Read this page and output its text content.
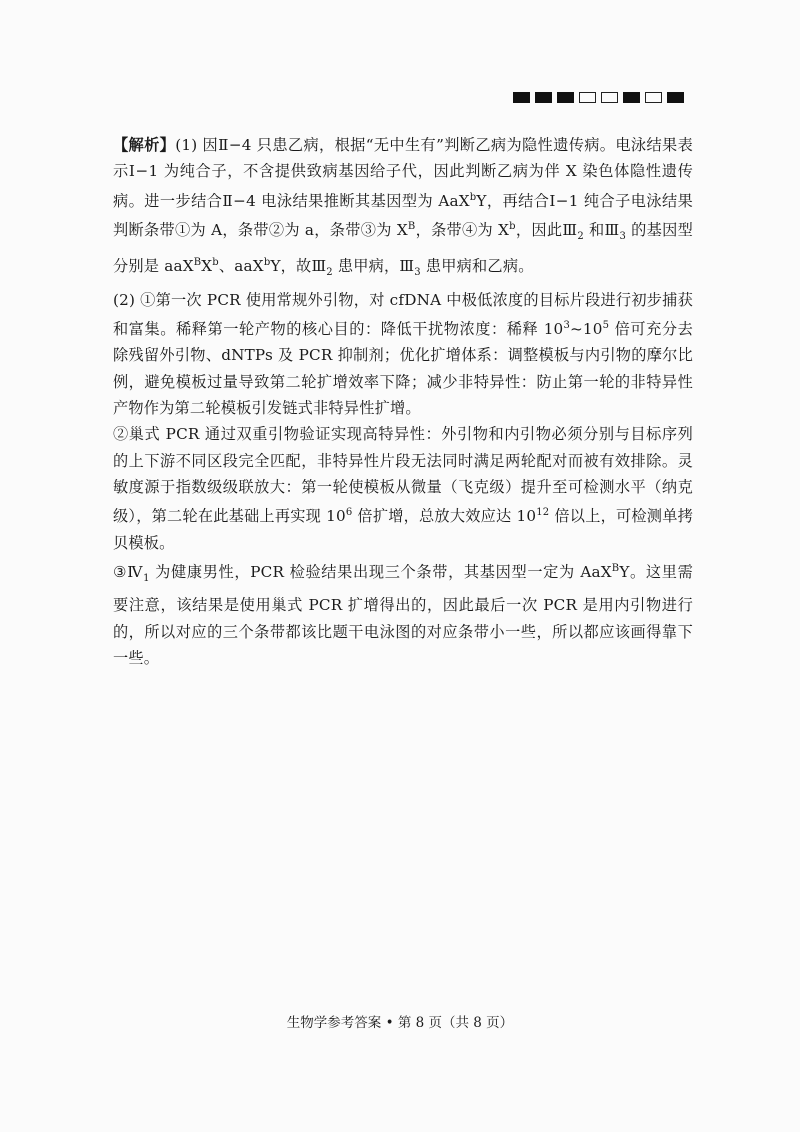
【解析】(1) 因Ⅱ−4 只患乙病，根据“无中生有”判断乙病为隐性遗传病。电泳结果表示Ⅰ−1 为纯合子，不含提供致病基因给子代，因此判断乙病为伴 X 染色体隐性遗传病。进一步结合Ⅱ−4 电泳结果推断其基因型为 AaX$^b$Y，再结合Ⅰ−1 纯合子电泳结果判断条带①为 A，条带②为 a，条带③为 $X^B$，条带④为 $X^b$，因此$Ⅲ_2$ 和$Ⅲ_3$ 的基因型分别是 $aaX^BX^b$、aaX$^b$Y，故$Ⅲ_2$ 患甲病，$Ⅲ_3$ 患甲病和乙病。

(2) ①第一次 PCR 使用常规外引物，对 cfDNA 中极低浓度的目标片段进行初步捕获和富集。稀释第一轮产物的核心目的：降低干扰物浓度：稀释 $10^3\sim 10^5$ 倍可充分去除残留外引物、dNTPs 及 PCR 抑制剂；优化扩增体系：调整模板与内引物的摩尔比例，避免模板过量导致第二轮扩增效率下降；减少非特异性：防止第一轮的非特异性产物作为第二轮模板引发链式非特异性扩增。

②巢式 PCR 通过双重引物验证实现高特异性：外引物和内引物必须分别与目标序列的上下游不同区段完全匹配，非特异性片段无法同时满足两轮配对而被有效排除。灵敏度源于指数级级联放大：第一轮使模板从微量（飞克级）提升至可检测水平（纳克级），第二轮在此基础上再实现 $10^6$ 倍扩增，总放大效应达 $10^{12}$ 倍以上，可检测单拷贝模板。

$③Ⅳ_1$ 为健康男性，PCR 检验结果出现三个条带，其基因型一定为 AaX$^B$Y。这里需要注意，该结果是使用巢式 PCR 扩增得出的，因此最后一次 PCR 是用内引物进行的，所以对应的三个条带都该比题干电泳图的对应条带小一些，所以都应该画得靠下一些。

生物学参考答案 • 第 8 页（共 8 页）
